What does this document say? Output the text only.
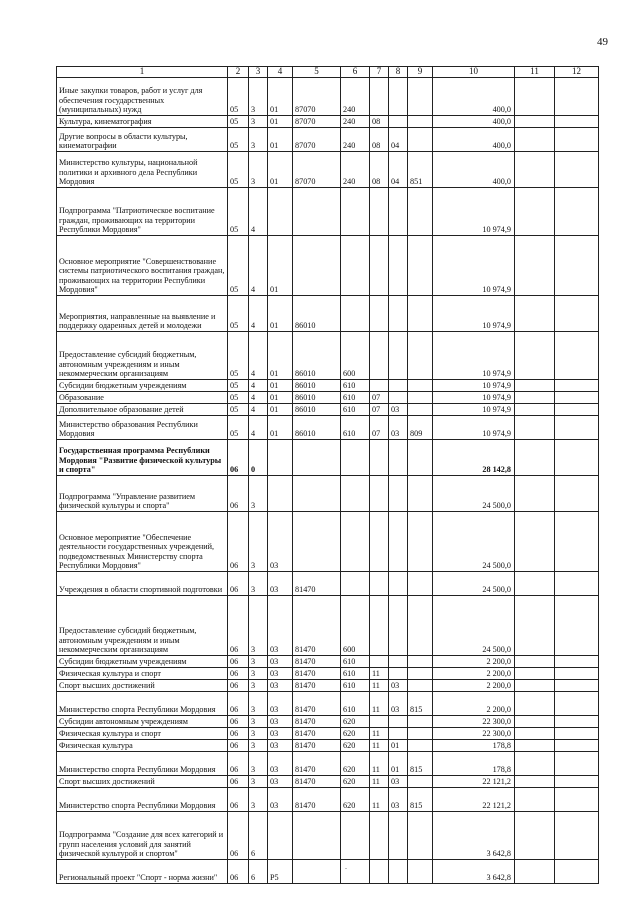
49
1	2	3	4	5	6	7	8	9	10	11	12
Иные закупки товаров, работ и услуг для обеспечения государственных (муниципальных) нужд	05	3	01	87070	240				400,0		
Культура, кинематография	05	3	01	87070	240	08			400,0		
Другие вопросы в области культуры, кинематографии	05	3	01	87070	240	08	04		400,0		
Министерство культуры, национальной политики и архивного дела Республики Мордовия	05	3	01	87070	240	08	04	851	400,0		
Подпрограмма "Патриотическое воспитание граждан, проживающих на территории Республики Мордовия"	05	4							10 974,9		
Основное мероприятие "Совершенствование системы патриотического воспитания граждан, проживающих на территории Республики Мордовия"	05	4	01						10 974,9		
Мероприятия, направленные на выявление и поддержку одаренных детей и молодежи	05	4	01	86010					10 974,9		
Предоставление субсидий бюджетным, автономным учреждениям и иным некоммерческим организациям	05	4	01	86010	600				10 974,9		
Субсидии бюджетным учреждениям	05	4	01	86010	610				10 974,9		
Образование	05	4	01	86010	610	07			10 974,9		
Дополнительное образование детей	05	4	01	86010	610	07	03		10 974,9		
Министерство образования Республики Мордовия	05	4	01	86010	610	07	03	809	10 974,9		
Государственная программа Республики Мордовия "Развитие физической культуры и спорта"	06	0							28 142,8		
Подпрограмма "Управление развитием физической культуры и спорта"	06	3							24 500,0		
Основное мероприятие "Обеспечение деятельности государственных учреждений, подведомственных Министерству спорта Республики Мордовия"	06	3	03						24 500,0		
Учреждения в области спортивной подготовки	06	3	03	81470					24 500,0		
Предоставление субсидий бюджетным, автономным учреждениям и иным некоммерческим организациям	06	3	03	81470	600				24 500,0		
Субсидии бюджетным учреждениям	06	3	03	81470	610				2 200,0		
Физическая культура и спорт	06	3	03	81470	610	11			2 200,0		
Спорт высших достижений	06	3	03	81470	610	11	03		2 200,0		
Министерство спорта Республики Мордовия	06	3	03	81470	610	11	03	815	2 200,0		
Субсидии автономным учреждениям	06	3	03	81470	620				22 300,0		
Физическая культура и спорт	06	3	03	81470	620	11			22 300,0		
Физическая культура	06	3	03	81470	620	11	01		178,8		
Министерство спорта Республики Мордовия	06	3	03	81470	620	11	01	815	178,8		
Спорт высших достижений	06	3	03	81470	620	11	03		22 121,2		
Министерство спорта Республики Мордовия	06	3	03	81470	620	11	03	815	22 121,2		
Подпрограмма "Создание для всех категорий и групп населения условий для занятий физической культурой и спортом"	06	6							3 642,8		
Региональный проект "Спорт - норма жизни"	06	6	P5						3 642,8		
.
